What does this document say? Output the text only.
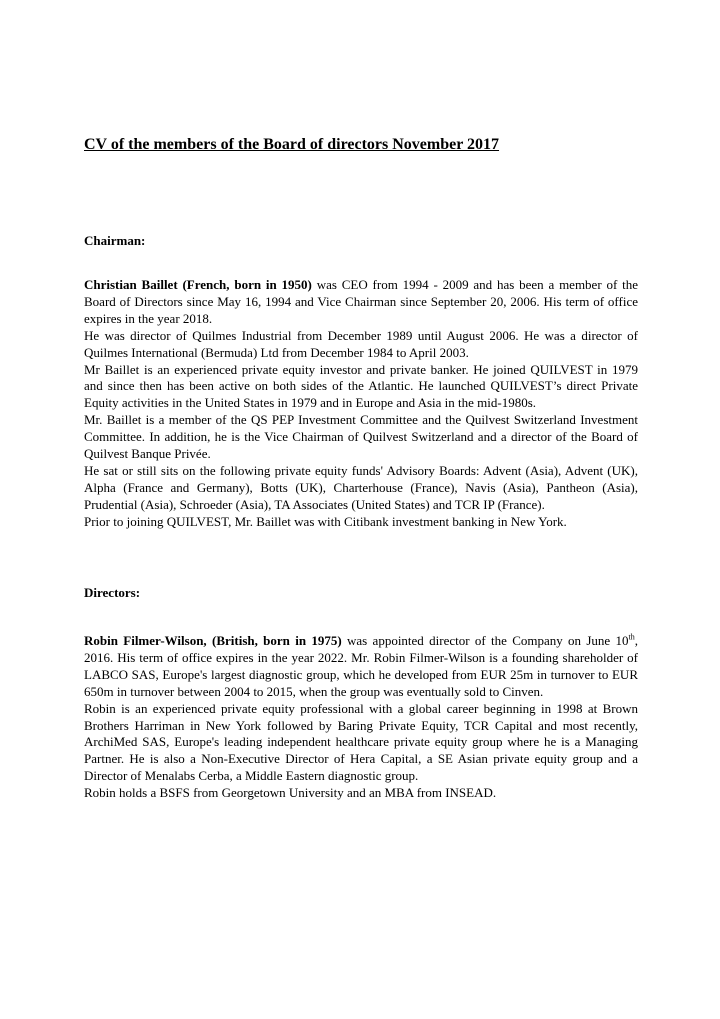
CV of the members of the Board of directors November 2017
Chairman:

Christian Baillet (French, born in 1950) was CEO from 1994 - 2009 and has been a member of the Board of Directors since May 16, 1994 and Vice Chairman since September 20, 2006. His term of office expires in the year 2018.

He was director of Quilmes Industrial from December 1989 until August 2006. He was a director of Quilmes International (Bermuda) Ltd from December 1984 to April 2003.

Mr Baillet is an experienced private equity investor and private banker. He joined QUILVEST in 1979 and since then has been active on both sides of the Atlantic. He launched QUILVEST’s direct Private Equity activities in the United States in 1979 and in Europe and Asia in the mid-1980s.

Mr. Baillet is a member of the QS PEP Investment Committee and the Quilvest Switzerland Investment Committee. In addition, he is the Vice Chairman of Quilvest Switzerland and a director of the Board of Quilvest Banque Privée.

He sat or still sits on the following private equity funds' Advisory Boards: Advent (Asia), Advent (UK), Alpha (France and Germany), Botts (UK), Charterhouse (France), Navis (Asia), Pantheon (Asia), Prudential (Asia), Schroeder (Asia), TA Associates (United States) and TCR IP (France).

Prior to joining QUILVEST, Mr. Baillet was with Citibank investment banking in New York.

Directors:

Robin Filmer-Wilson, (British, born in 1975) was appointed director of the Company on June 10th, 2016. His term of office expires in the year 2022. Mr. Robin Filmer-Wilson is a founding shareholder of LABCO SAS, Europe's largest diagnostic group, which he developed from EUR 25m in turnover to EUR 650m in turnover between 2004 to 2015, when the group was eventually sold to Cinven.

Robin is an experienced private equity professional with a global career beginning in 1998 at Brown Brothers Harriman in New York followed by Baring Private Equity, TCR Capital and most recently, ArchiMed SAS, Europe's leading independent healthcare private equity group where he is a Managing Partner. He is also a Non-Executive Director of Hera Capital, a SE Asian private equity group and a Director of Menalabs Cerba, a Middle Eastern diagnostic group.

Robin holds a BSFS from Georgetown University and an MBA from INSEAD.
